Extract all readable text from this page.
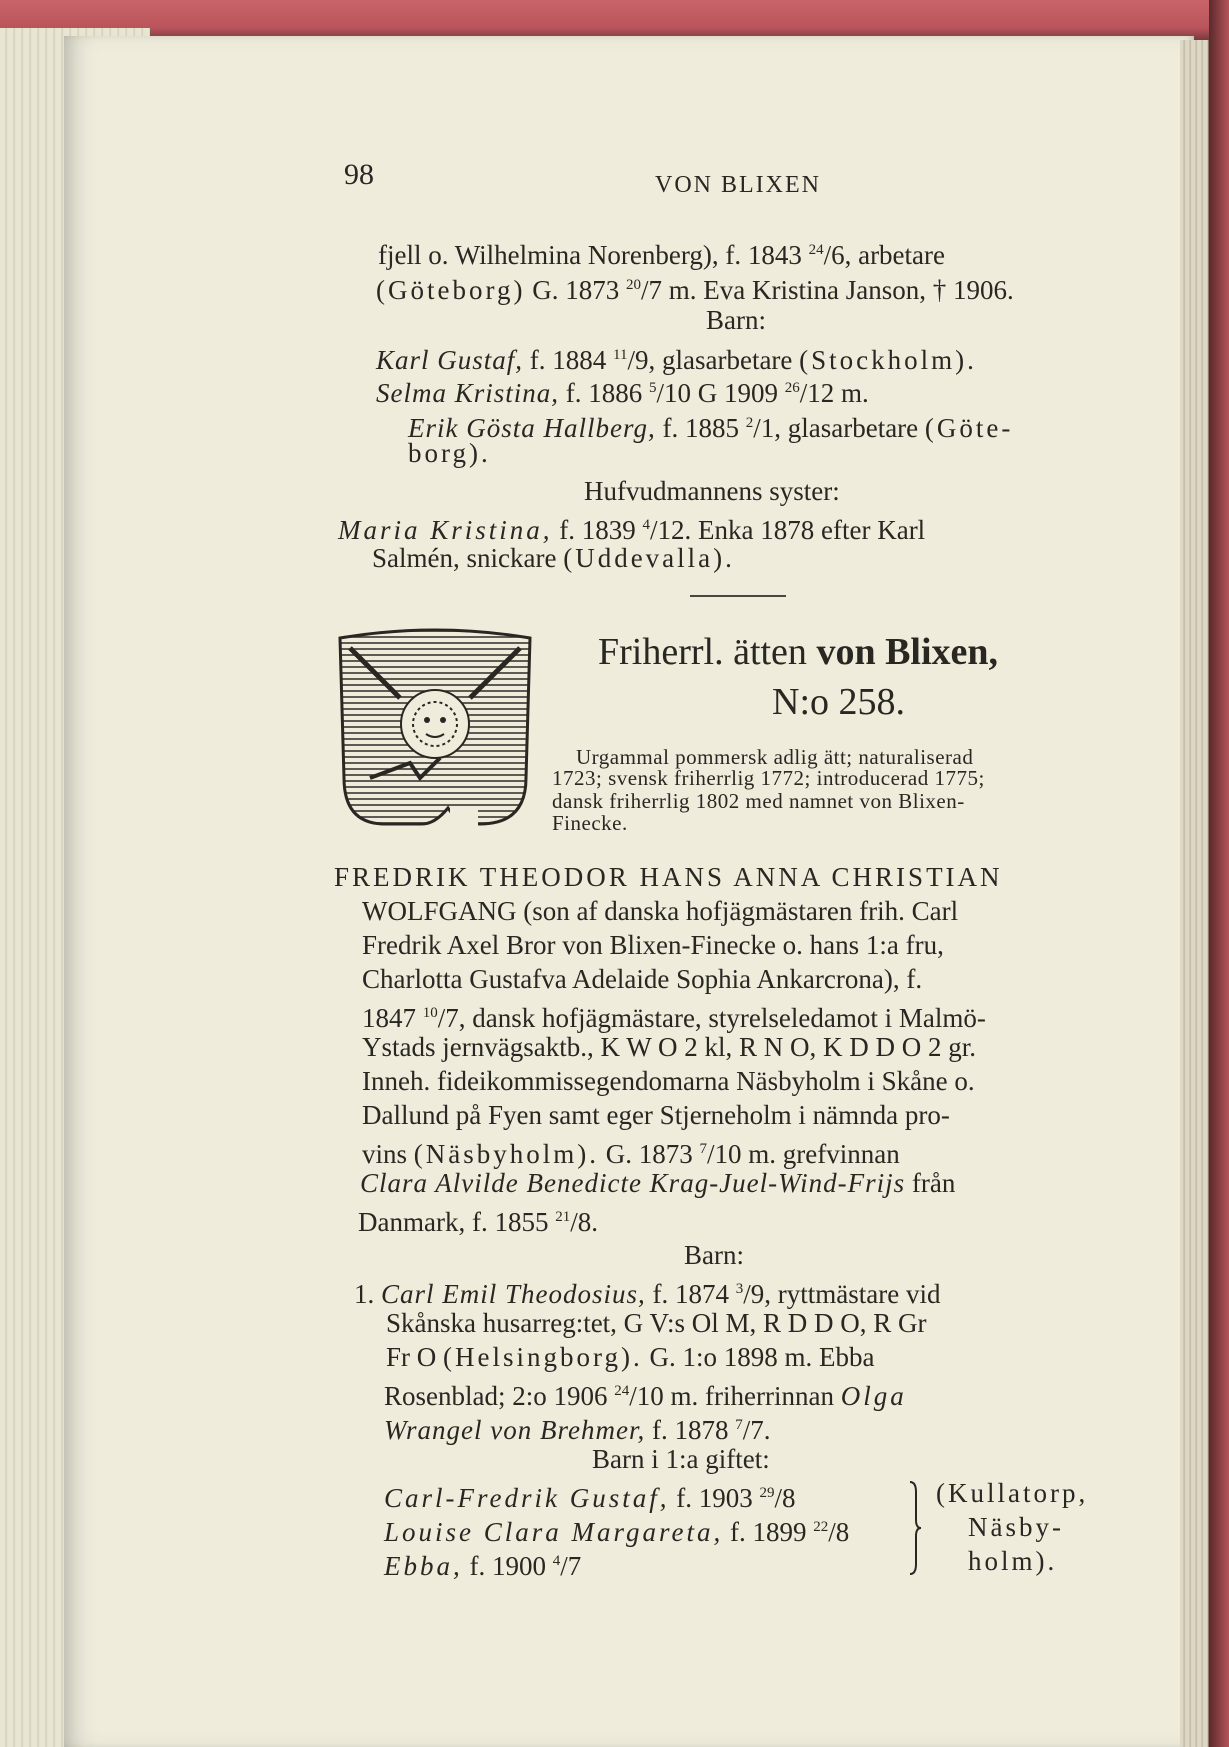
98	VON BLIXEN
fjell o. Wilhelmina Norenberg), f. 1843 $^{24}$/6, arbetare
(Göteborg) G. 1873 $^{20}$/7 m. Eva Kristina Janson, † 1906.
Barn:
Karl Gustaf, f. 1884 $^{11}$/9, glasarbetare (Stockholm).
Selma Kristina, f. 1886 $^5$/10 G 1909 $^{26}$/12 m.
Erik Gösta Hallberg, f. 1885 $^2$/1, glasarbetare (Göte-
borg).
Hufvudmannens syster:
Maria Kristina, f. 1839 $^4$/12. Enka 1878 efter Karl
Salmén, snickare (Uddevalla).
Friherrl. ätten von Blixen,
N:o 258.
Urgammal pommersk adlig ätt; naturaliserad
1723; svensk friherrlig 1772; introducerad 1775;
dansk friherrlig 1802 med namnet von Blixen-
Finecke.
FREDRIK THEODOR HANS ANNA CHRISTIAN
WOLFGANG (son af danska hofjägmästaren frih. Carl
Fredrik Axel Bror von Blixen-Finecke o. hans 1:a fru,
Charlotta Gustafva Adelaide Sophia Ankarcrona), f.
1847 $^{10}$/7, dansk hofjägmästare, styrelseledamot i Malmö-
Ystads jernvägsaktb., K W O 2 kl, R N O, K D D O 2 gr.
Inneh. fideikommissegendomarna Näsbyholm i Skåne o.
Dallund på Fyen samt eger Stjerneholm i nämnda pro-
vins (Näsbyholm). G. 1873 $^7$/10 m. grefvinnan
Clara Alvilde Benedicte Krag-Juel-Wind-Frijs från
Danmark, f. 1855 $^{21}$/8.
Barn:
1. Carl Emil Theodosius, f. 1874 $^3$/9, ryttmästare vid
Skånska husarreg:tet, G V:s Ol M, R D D O, R Gr
Fr O (Helsingborg). G. 1:o 1898 m. Ebba
Rosenblad; 2:o 1906 $^{24}$/10 m. friherrinnan Olga
Wrangel von Brehmer, f. 1878 $^7$/7.
Barn i 1:a giftet:
Carl-Fredrik Gustaf, f. 1903 $^{29}$/8
Louise Clara Margareta, f. 1899 $^{22}$/8
Ebba, f. 1900 $^4$/7
(Kullatorp,
Näsby-
holm).
